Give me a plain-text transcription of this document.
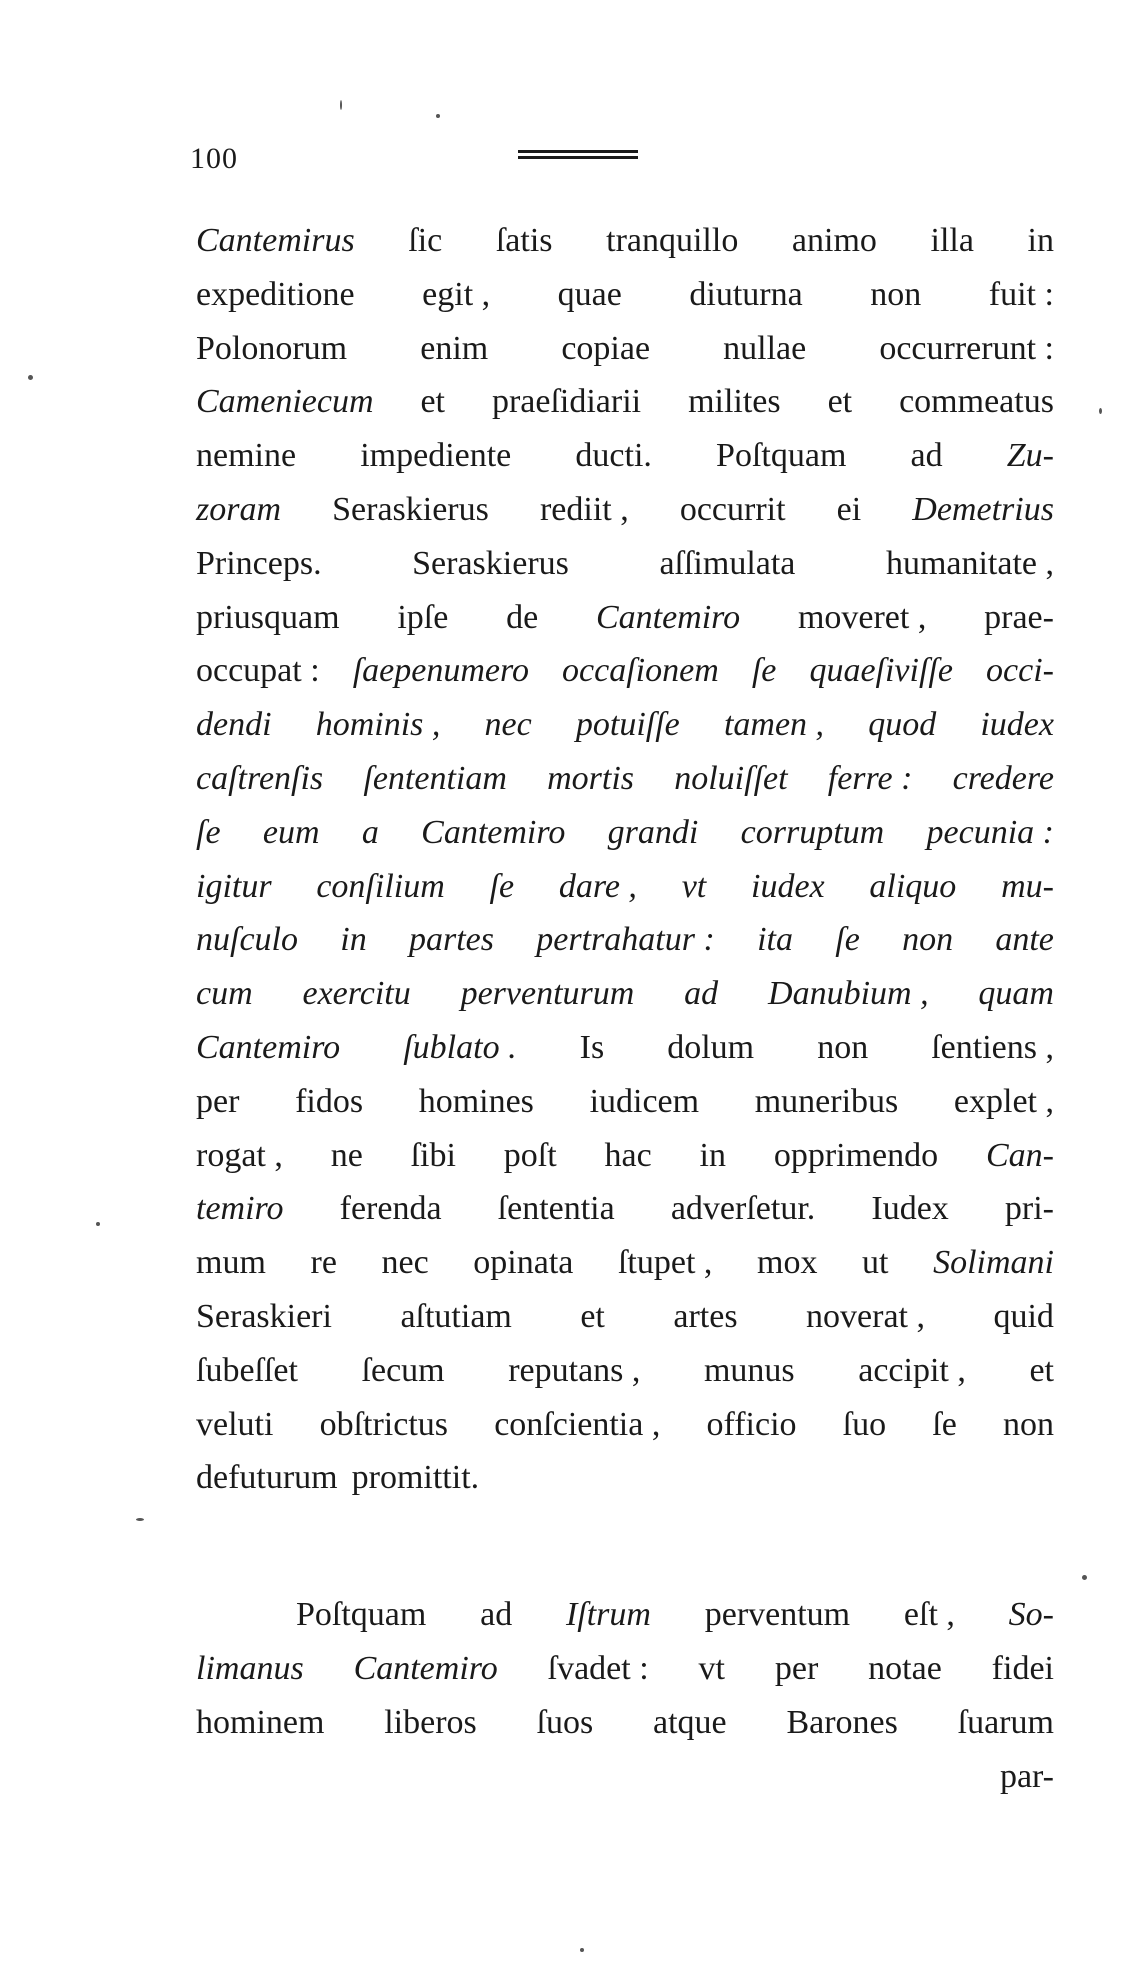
100
Cantemirus ſic ſatis tranquillo animo illa in
expeditione egit , quae diuturna non fuit :
Polonorum enim copiae nullae occurrerunt :
Cameniecum et praeſidiarii milites et commeatus
nemine impediente ducti. Poſtquam ad Zu-
zoram Seraskierus rediit , occurrit ei Demetrius
Princeps.	Seraskierus	aſſimulata	humanitate ,
priusquam ipſe de Cantemiro moveret , prae-
occupat : ſaepenumero occaſionem ſe quaeſiviſſe occi-
dendi hominis , nec potuiſſe tamen , quod iudex
caſtrenſis ſententiam mortis noluiſſet ferre : credere
ſe eum a Cantemiro grandi corruptum pecunia :
igitur conſilium ſe dare , vt iudex aliquo mu-
nuſculo in partes pertrahatur : ita ſe non ante
cum exercitu perventurum ad Danubium , quam
Cantemiro ſublato . Is dolum non ſentiens ,
per fidos homines iudicem muneribus explet ,
rogat , ne ſibi poſt hac in opprimendo Can-
temiro ferenda ſententia adverſetur. Iudex pri-
mum re nec opinata ſtupet , mox ut Solimani
Seraskieri aſtutiam et artes noverat , quid
ſubeſſet ſecum reputans , munus accipit , et
veluti obſtrictus conſcientia , officio ſuo ſe non
defuturum promittit.
Poſtquam ad Iſtrum perventum eſt , So-
limanus Cantemiro ſvadet : vt per notae fidei
hominem liberos ſuos atque Barones ſuarum
par-
